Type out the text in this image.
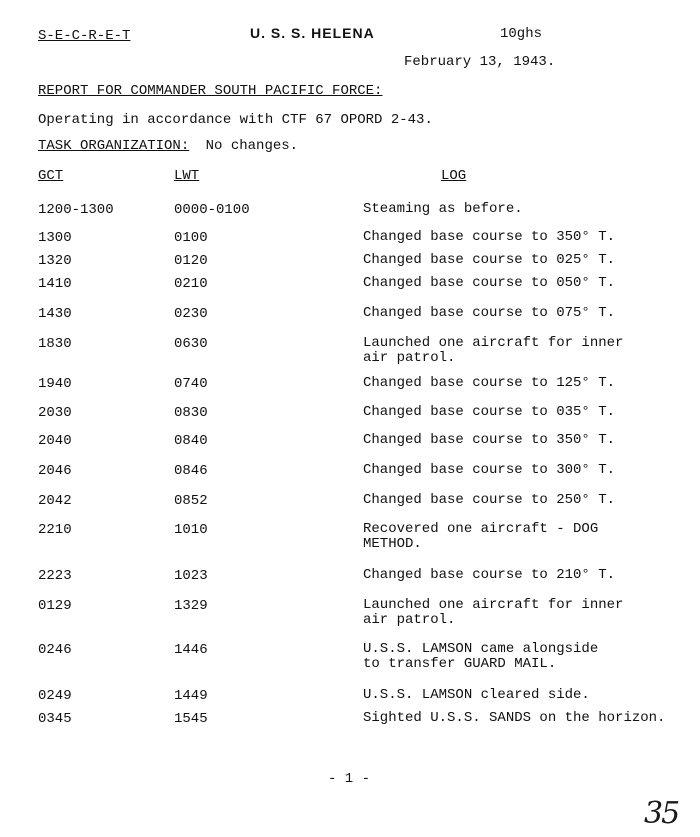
S-E-C-R-E-T	U. S. S. HELENA	10ghs
February 13, 1943.
REPORT FOR COMMANDER SOUTH PACIFIC FORCE:
Operating in accordance with CTF 67 OPORD 2-43.
TASK ORGANIZATION: No changes.
GCT	LWT	LOG
1200-1300	0000-0100	Steaming as before.
1300	0100	Changed base course to 350° T.
1320	0120	Changed base course to 025° T.
1410	0210	Changed base course to 050° T.
1430	0230	Changed base course to 075° T.
1830	0630	Launched one aircraft for inner
air patrol.
1940	0740	Changed base course to 125° T.
2030	0830	Changed base course to 035° T.
2040	0840	Changed base course to 350° T.
2046	0846	Changed base course to 300° T.
2042	0852	Changed base course to 250° T.
2210	1010	Recovered one aircraft - DOG
METHOD.
2223	1023	Changed base course to 210° T.
0129	1329	Launched one aircraft for inner
air patrol.
0246	1446	U.S.S. LAMSON came alongside
to transfer GUARD MAIL.
0249	1449	U.S.S. LAMSON cleared side.
0345	1545	Sighted U.S.S. SANDS on the horizon.
- 1 -
35
